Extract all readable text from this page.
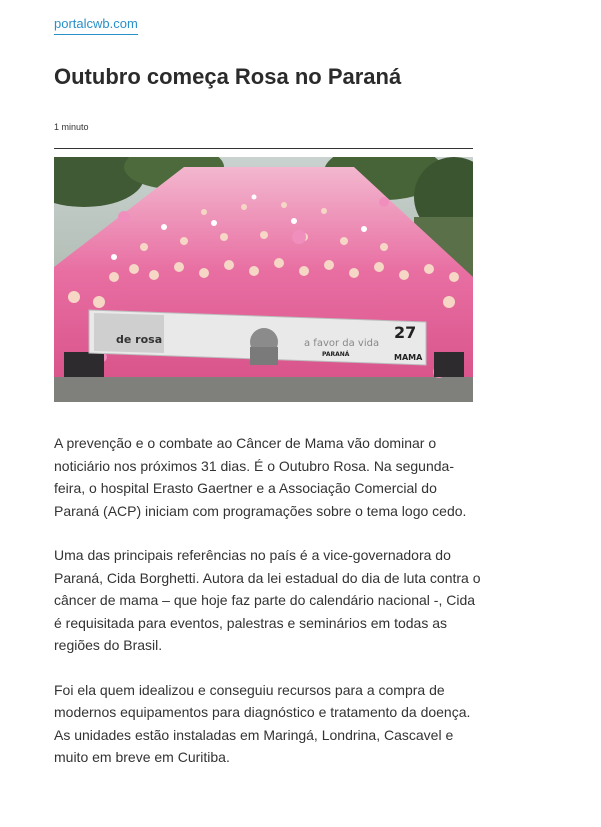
portalcwb.com
Outubro começa Rosa no Paraná
1 minuto
de rosa	a favor da vida
27
PARANÁ	MAMA

A prevenção e o combate ao Câncer de Mama vão dominar o noticiário nos próximos 31 dias. É o Outubro Rosa. Na segunda-feira, o hospital Erasto Gaertner e a Associação Comercial do Paraná (ACP) iniciam com programações sobre o tema logo cedo.

Uma das principais referências no país é a vice-governadora do Paraná, Cida Borghetti. Autora da lei estadual do dia de luta contra o câncer de mama – que hoje faz parte do calendário nacional -, Cida é requisitada para eventos, palestras e seminários em todas as regiões do Brasil.

Foi ela quem idealizou e conseguiu recursos para a compra de modernos equipamentos para diagnóstico e tratamento da doença. As unidades estão instaladas em Maringá, Londrina, Cascavel e muito em breve em Curitiba.
